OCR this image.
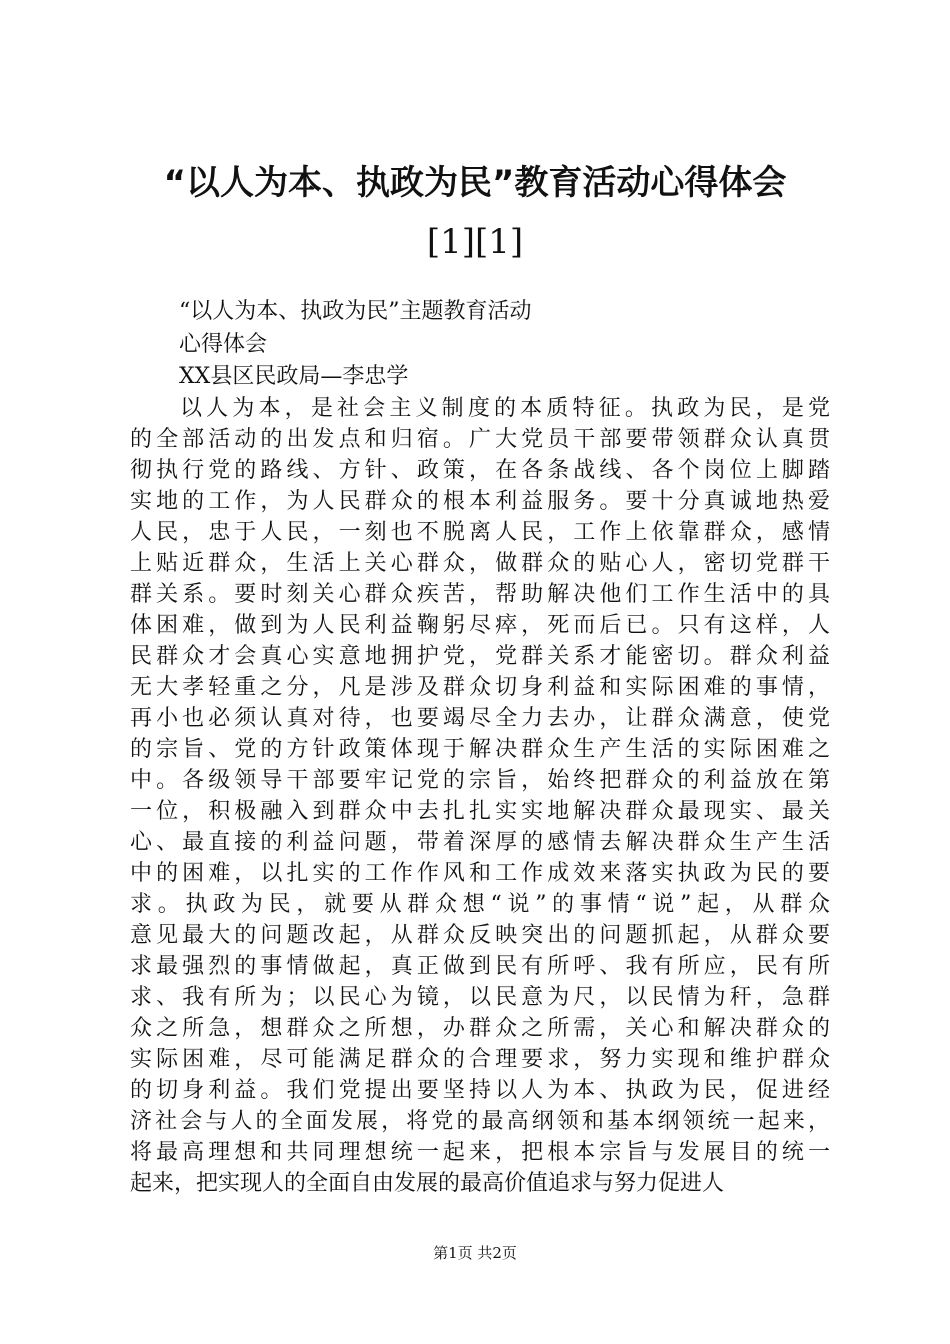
“以人为本、执政为民”教育活动心得体会
[1][1]

“以人为本、执政为民”主题教育活动

心得体会

XX县区民政局—李忠学

以人为本，是社会主义制度的本质特征。执政为民，是党
的全部活动的出发点和归宿。广大党员干部要带领群众认真贯
彻执行党的路线、方针、政策，在各条战线、各个岗位上脚踏
实地的工作，为人民群众的根本利益服务。要十分真诚地热爱
人民，忠于人民，一刻也不脱离人民，工作上依靠群众，感情
上贴近群众，生活上关心群众，做群众的贴心人，密切党群干
群关系。要时刻关心群众疾苦，帮助解决他们工作生活中的具
体困难，做到为人民利益鞠躬尽瘁，死而后已。只有这样，人
民群众才会真心实意地拥护党，党群关系才能密切。群众利益
无大孝轻重之分，凡是涉及群众切身利益和实际困难的事情，
再小也必须认真对待，也要竭尽全力去办，让群众满意，使党
的宗旨、党的方针政策体现于解决群众生产生活的实际困难之
中。各级领导干部要牢记党的宗旨，始终把群众的利益放在第
一位，积极融入到群众中去扎扎实实地解决群众最现实、最关
心、最直接的利益问题，带着深厚的感情去解决群众生产生活
中的困难，以扎实的工作作风和工作成效来落实执政为民的要
求。执政为民，就要从群众想“说”的事情“说”起，从群众
意见最大的问题改起，从群众反映突出的问题抓起，从群众要
求最强烈的事情做起，真正做到民有所呼、我有所应，民有所
求、我有所为；以民心为镜，以民意为尺，以民情为秆，急群
众之所急，想群众之所想，办群众之所需，关心和解决群众的
实际困难，尽可能满足群众的合理要求，努力实现和维护群众
的切身利益。我们党提出要坚持以人为本、执政为民，促进经
济社会与人的全面发展，将党的最高纲领和基本纲领统一起来，
将最高理想和共同理想统一起来，把根本宗旨与发展目的统一
起来，把实现人的全面自由发展的最高价值追求与努力促进人

第1页 共2页
